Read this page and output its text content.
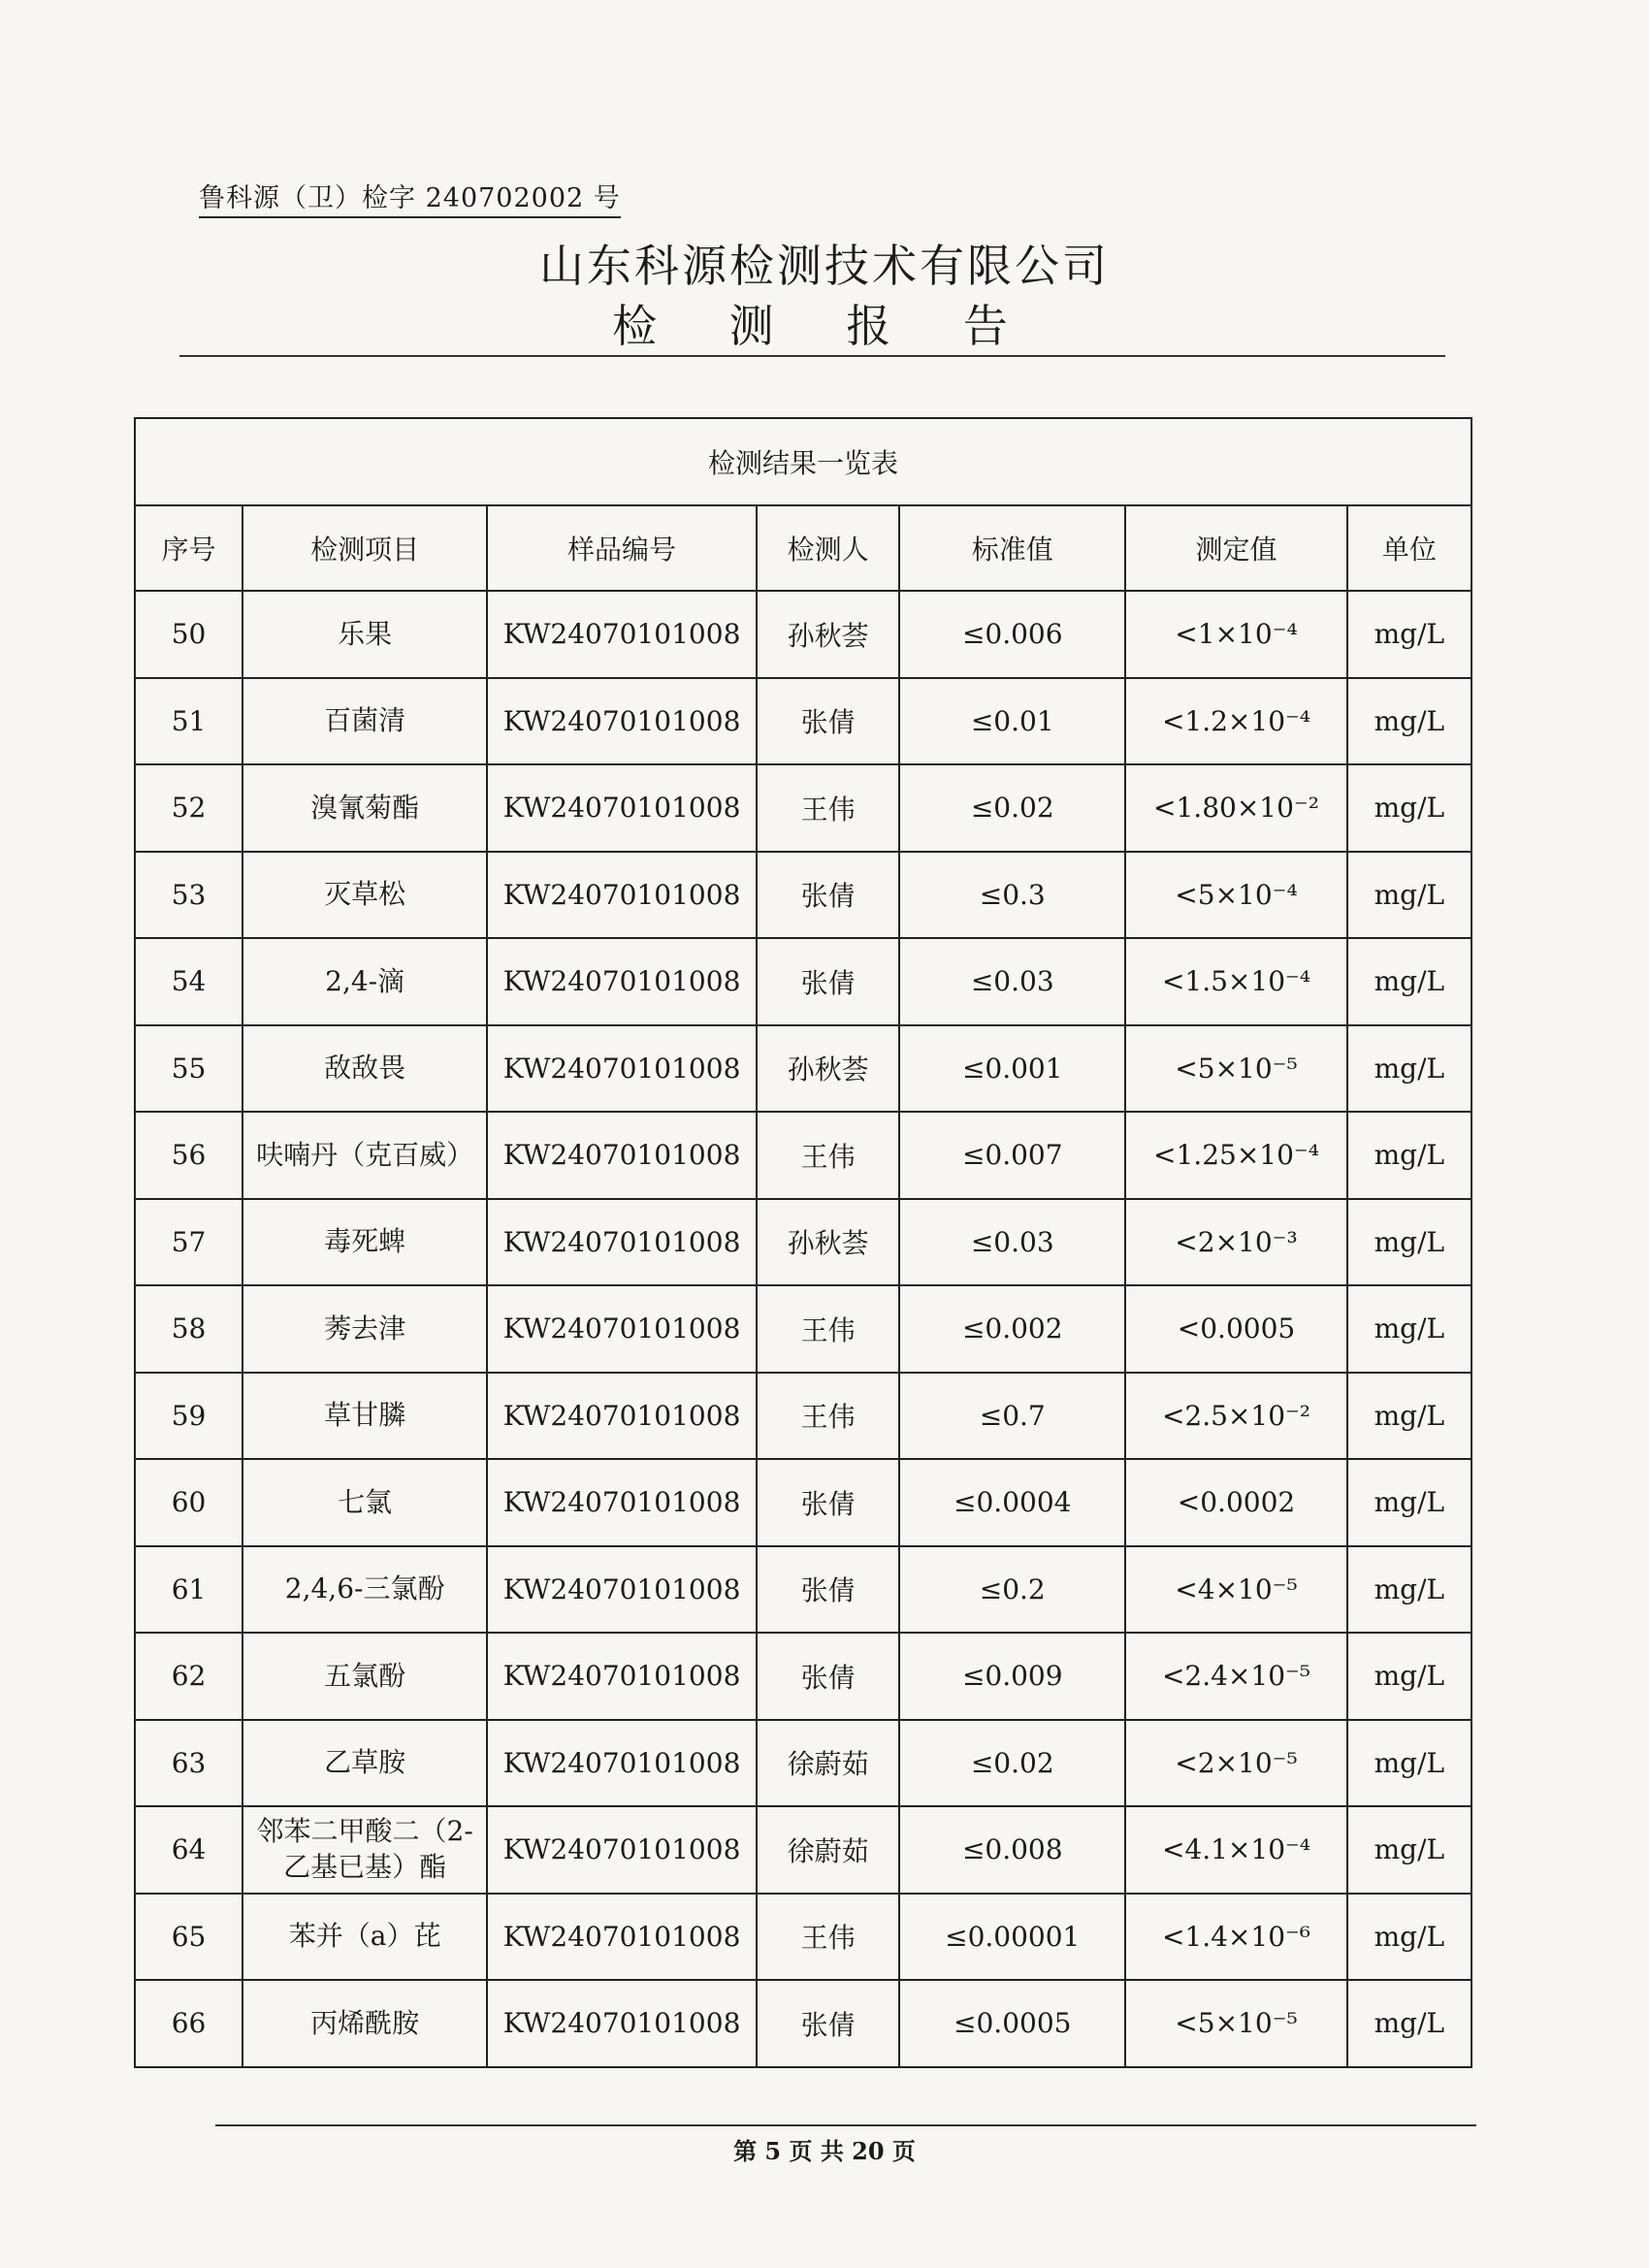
鲁科源（卫）检字 240702002 号
山东科源检测技术有限公司
检 测 报 告
检测结果一览表						
序号	检测项目	样品编号	检测人	标准值	测定值	单位
50	乐果	KW24070101008	孙秋荟	≤0.006	<1×10⁻⁴	mg/L
51	百菌清	KW24070101008	张倩	≤0.01	<1.2×10⁻⁴	mg/L
52	溴氰菊酯	KW24070101008	王伟	≤0.02	<1.80×10⁻²	mg/L
53	灭草松	KW24070101008	张倩	≤0.3	<5×10⁻⁴	mg/L
54	2,4-滴	KW24070101008	张倩	≤0.03	<1.5×10⁻⁴	mg/L
55	敌敌畏	KW24070101008	孙秋荟	≤0.001	<5×10⁻⁵	mg/L
56	呋喃丹（克百威）	KW24070101008	王伟	≤0.007	<1.25×10⁻⁴	mg/L
57	毒死蜱	KW24070101008	孙秋荟	≤0.03	<2×10⁻³	mg/L
58	莠去津	KW24070101008	王伟	≤0.002	<0.0005	mg/L
59	草甘膦	KW24070101008	王伟	≤0.7	<2.5×10⁻²	mg/L
60	七氯	KW24070101008	张倩	≤0.0004	<0.0002	mg/L
61	2,4,6-三氯酚	KW24070101008	张倩	≤0.2	<4×10⁻⁵	mg/L
62	五氯酚	KW24070101008	张倩	≤0.009	<2.4×10⁻⁵	mg/L
63	乙草胺	KW24070101008	徐蔚茹	≤0.02	<2×10⁻⁵	mg/L
64	邻苯二甲酸二（2-乙基已基）酯	KW24070101008	徐蔚茹	≤0.008	<4.1×10⁻⁴	mg/L
65	苯并（a）芘	KW24070101008	王伟	≤0.00001	<1.4×10⁻⁶	mg/L
66	丙烯酰胺	KW24070101008	张倩	≤0.0005	<5×10⁻⁵	mg/L
第 5 页 共 20 页
